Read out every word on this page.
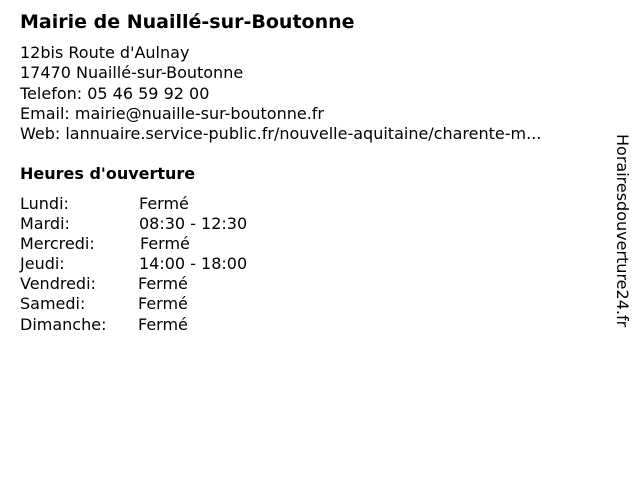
Mairie de Nuaillé-sur-Boutonne
12bis Route d'Aulnay
17470 Nuaillé-sur-Boutonne
Telefon: 05 46 59 92 00
Email: mairie@nuaille-sur-boutonne.fr
Web: lannuaire.service-public.fr/nouvelle-aquitaine/charente-m...
Heures d'ouverture
Lundi:	Fermé
Mardi:	08:30 - 12:30
Mercredi:	Fermé
Jeudi:	14:00 - 18:00
Vendredi:	Fermé
Samedi:	Fermé
Dimanche: Fermé	Horairesdouverture24.fr
